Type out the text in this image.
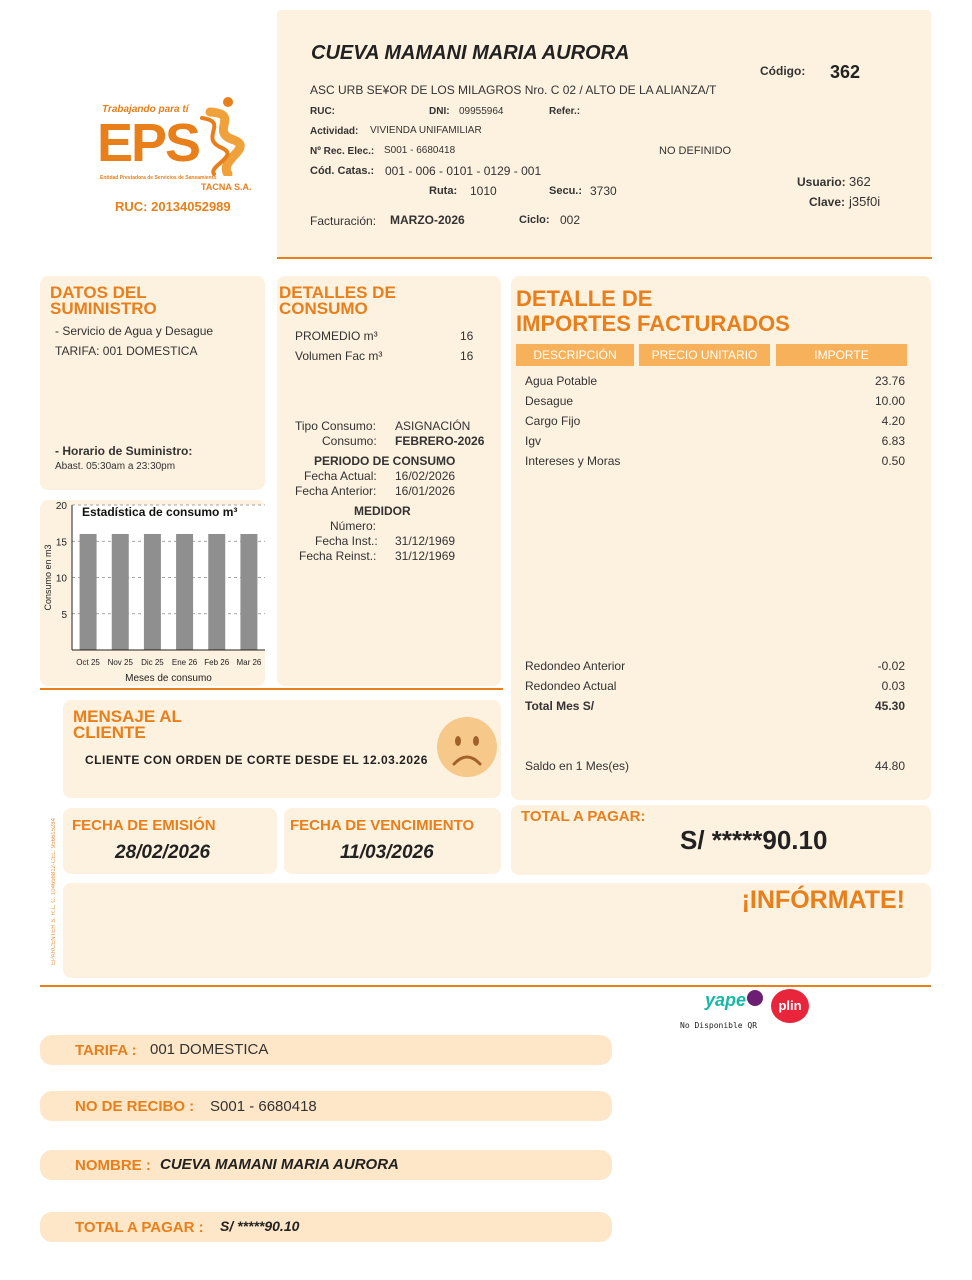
CUEVA MAMANI MARIA AURORA
ASC URB SE¥OR DE LOS MILAGROS Nro. C 02 / ALTO DE LA ALIANZA/T
Código: 362
RUC:	DNI: 09955964	Refer.:
Actividad: VIVIENDA UNIFAMILIAR
Nº Rec. Elec.: S001 - 6680418	NO DEFINIDO
Cód. Catas.: 001 - 006 - 0101 - 0129 - 001
Ruta: 1010	Secu.: 3730
Usuario: 362
Clave: j35f0i
Facturación: MARZO-2026	Ciclo: 002
Trabajando para tí
EPS
Entidad Prestadora de Servicios de Saneamiento
TACNA S.A.
RUC: 20134052989
DATOS DEL
SUMINISTRO
- Servicio de Agua y Desague
TARIFA: 001 DOMESTICA
- Horario de Suministro:
Abast. 05:30am a 23:30pm
5
10
15
20
Oct 25 Nov 25 Dic 25 Ene 26 Feb 26 Mar 26
Estadística de consumo m³
Meses de consumo
Consumo en m3
DETALLES DE
CONSUMO
PROMEDIO m³	16
Volumen Fac m³	16
Tipo Consumo: ASIGNACIÓN
Consumo: FEBRERO-2026
PERIODO DE CONSUMO
Fecha Actual: 16/02/2026
Fecha Anterior: 16/01/2026
MEDIDOR
Número:
Fecha Inst.: 31/12/1969
Fecha Reinst.: 31/12/1969
DETALLE DE
IMPORTES FACTURADOS
DESCRIPCIÓN	PRECIO UNITARIO	IMPORTE
Agua Potable	23.76
Desague	10.00
Cargo Fijo	4.20
Igv	6.83
Intereses y Moras	0.50
Redondeo Anterior	-0.02
Redondeo Actual	0.03
Total Mes S/	45.30
Saldo en 1 Mes(es)	44.80
MENSAJE AL
CLIENTE
CLIENTE CON ORDEN DE CORTE DESDE EL 12.03.2026
FECHA DE EMISIÓN
28/02/2026
FECHA DE VENCIMIENTO
11/03/2026
TOTAL A PAGAR:
S/ *****90.10
¡INFÓRMATE!
EPARCENTER S. R.L. C. 104656812-CEL: 956615284
yape	plin
No Disponible QR
TARIFA : 001 DOMESTICA
NO DE RECIBO : S001 - 6680418
NOMBRE : CUEVA MAMANI MARIA AURORA
TOTAL A PAGAR : S/ *****90.10
